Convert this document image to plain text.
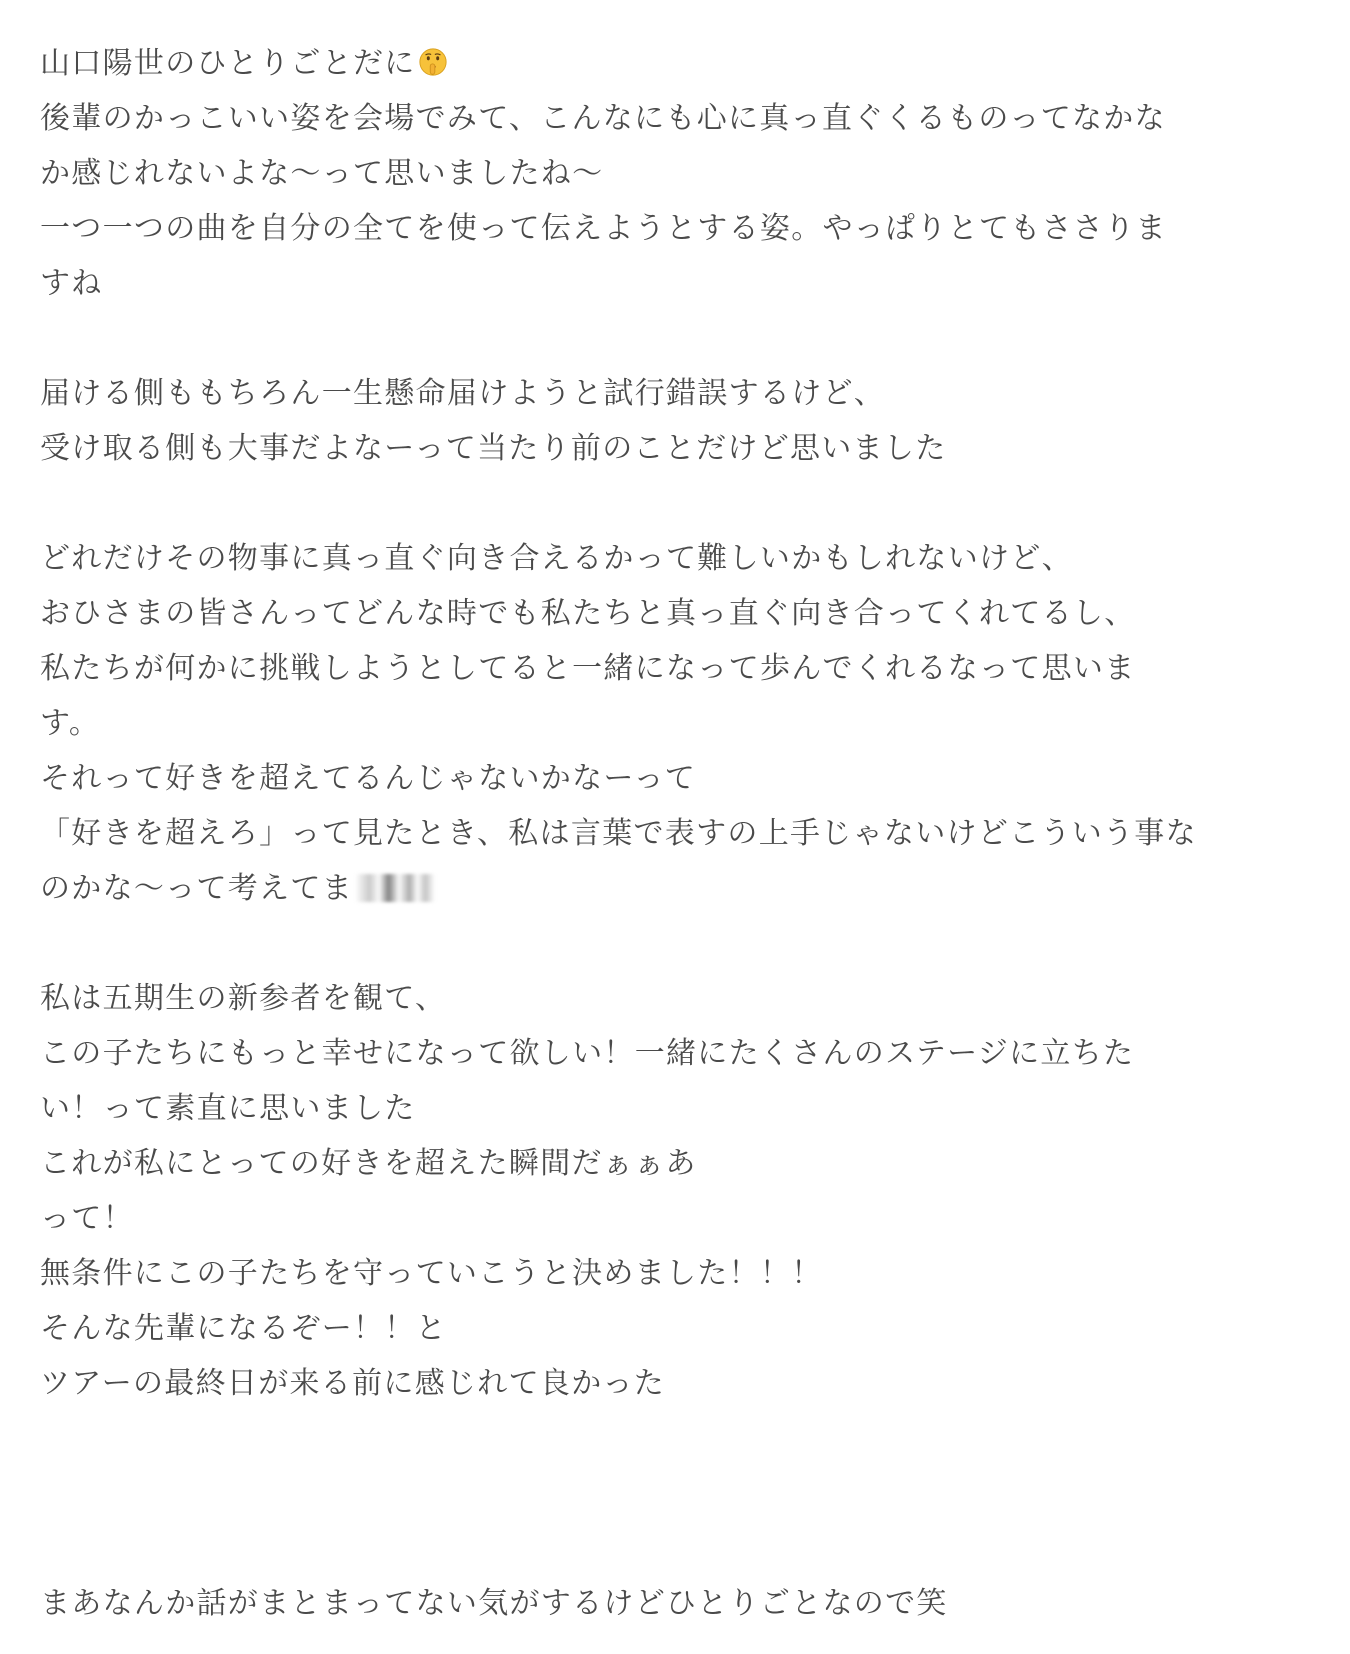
山口陽世のひとりごとだに
後輩のかっこいい姿を会場でみて、こんなにも心に真っ直ぐくるものってなかな
か感じれないよな〜って思いましたね〜
一つ一つの曲を自分の全てを使って伝えようとする姿。やっぱりとてもささりま
すね
届ける側ももちろん一生懸命届けようと試行錯誤するけど、
受け取る側も大事だよなーって当たり前のことだけど思いました
どれだけその物事に真っ直ぐ向き合えるかって難しいかもしれないけど、
おひさまの皆さんってどんな時でも私たちと真っ直ぐ向き合ってくれてるし、
私たちが何かに挑戦しようとしてると一緒になって歩んでくれるなって思いま
す。
それって好きを超えてるんじゃないかなーって
「好きを超えろ」って見たとき、私は言葉で表すの上手じゃないけどこういう事な
のかな〜って考えてま
私は五期生の新参者を観て、
この子たちにもっと幸せになって欲しい！一緒にたくさんのステージに立ちた
い！って素直に思いました
これが私にとっての好きを超えた瞬間だぁぁあ
って！
無条件にこの子たちを守っていこうと決めました！！！
そんな先輩になるぞー！！と
ツアーの最終日が来る前に感じれて良かった
まあなんか話がまとまってない気がするけどひとりごとなので笑
